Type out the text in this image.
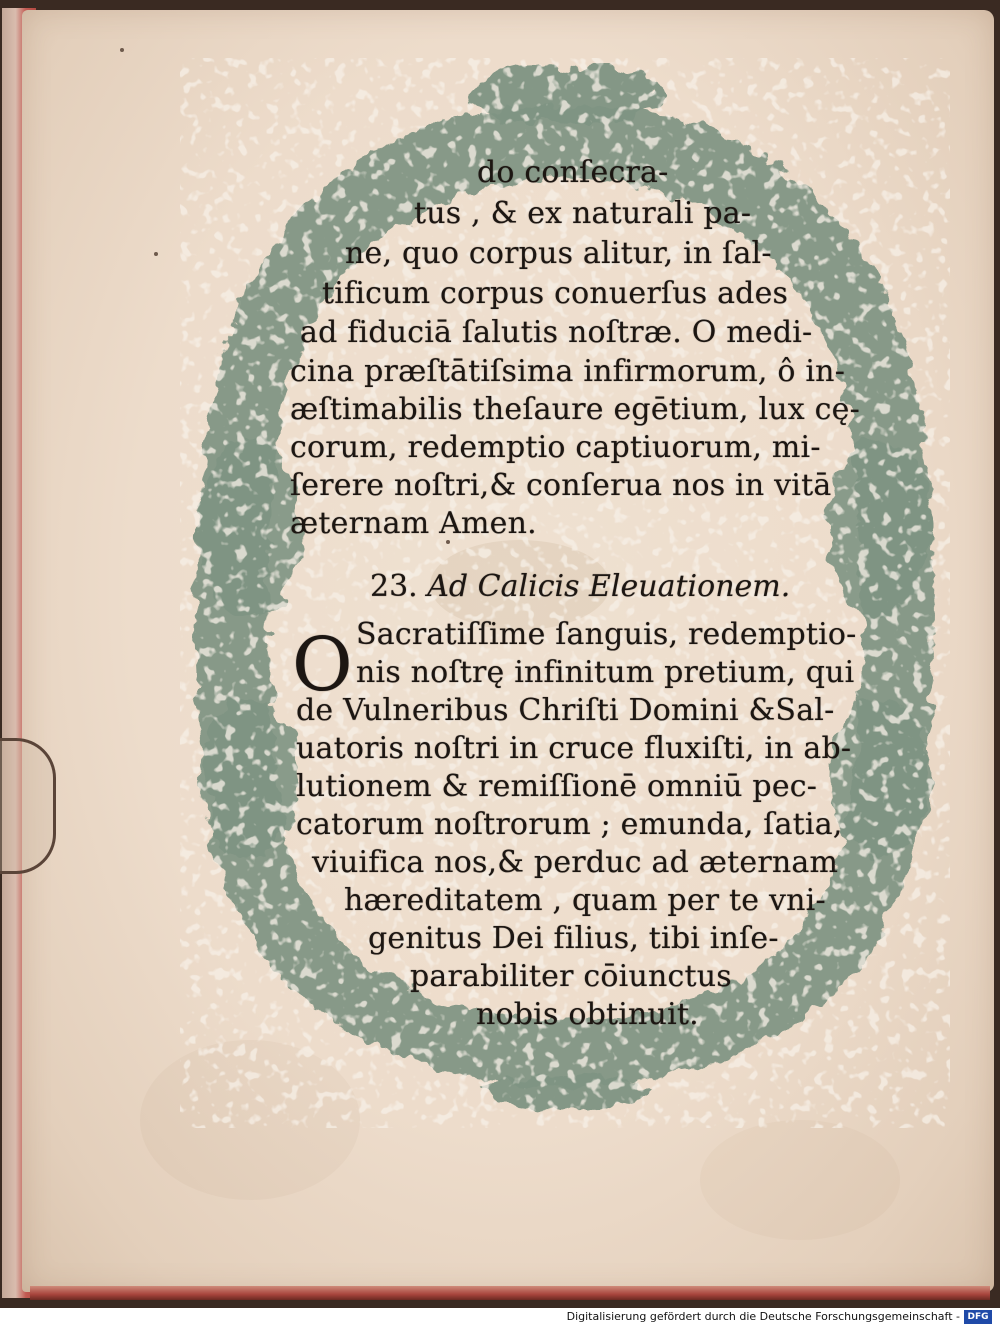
do conſecra-
tus , & ex naturali pa-
ne, quo corpus alitur, in ſal-
tificum corpus conuerſus ades
ad fiduciā ſalutis noſtræ. O medi-
cina præſtātiſsima infirmorum, ô in-
æſtimabilis theſaure egētium, lux cę-
corum, redemptio captiuorum, mi-
ſerere noſtri,& conſerua nos in vitā
æternam Amen.
23. Ad Calicis Eleuationem.
O Sacratiſſime ſanguis, redemptio-
nis noſtrę infinitum pretium, qui
de Vulneribus Chriſti Domini &Sal-
uatoris noſtri in cruce fluxiſti, in ab-
lutionem & remiſſionē omniū pec-
catorum noſtrorum ; emunda, ſatia,
viuifica nos,& perduc ad æternam
hæreditatem , quam per te vni-
genitus Dei filius, tibi inſe-
parabiliter cōiunctus
nobis obtinuit.
Digitalisierung gefördert durch die Deutsche Forschungsgemeinschaft - DFG
